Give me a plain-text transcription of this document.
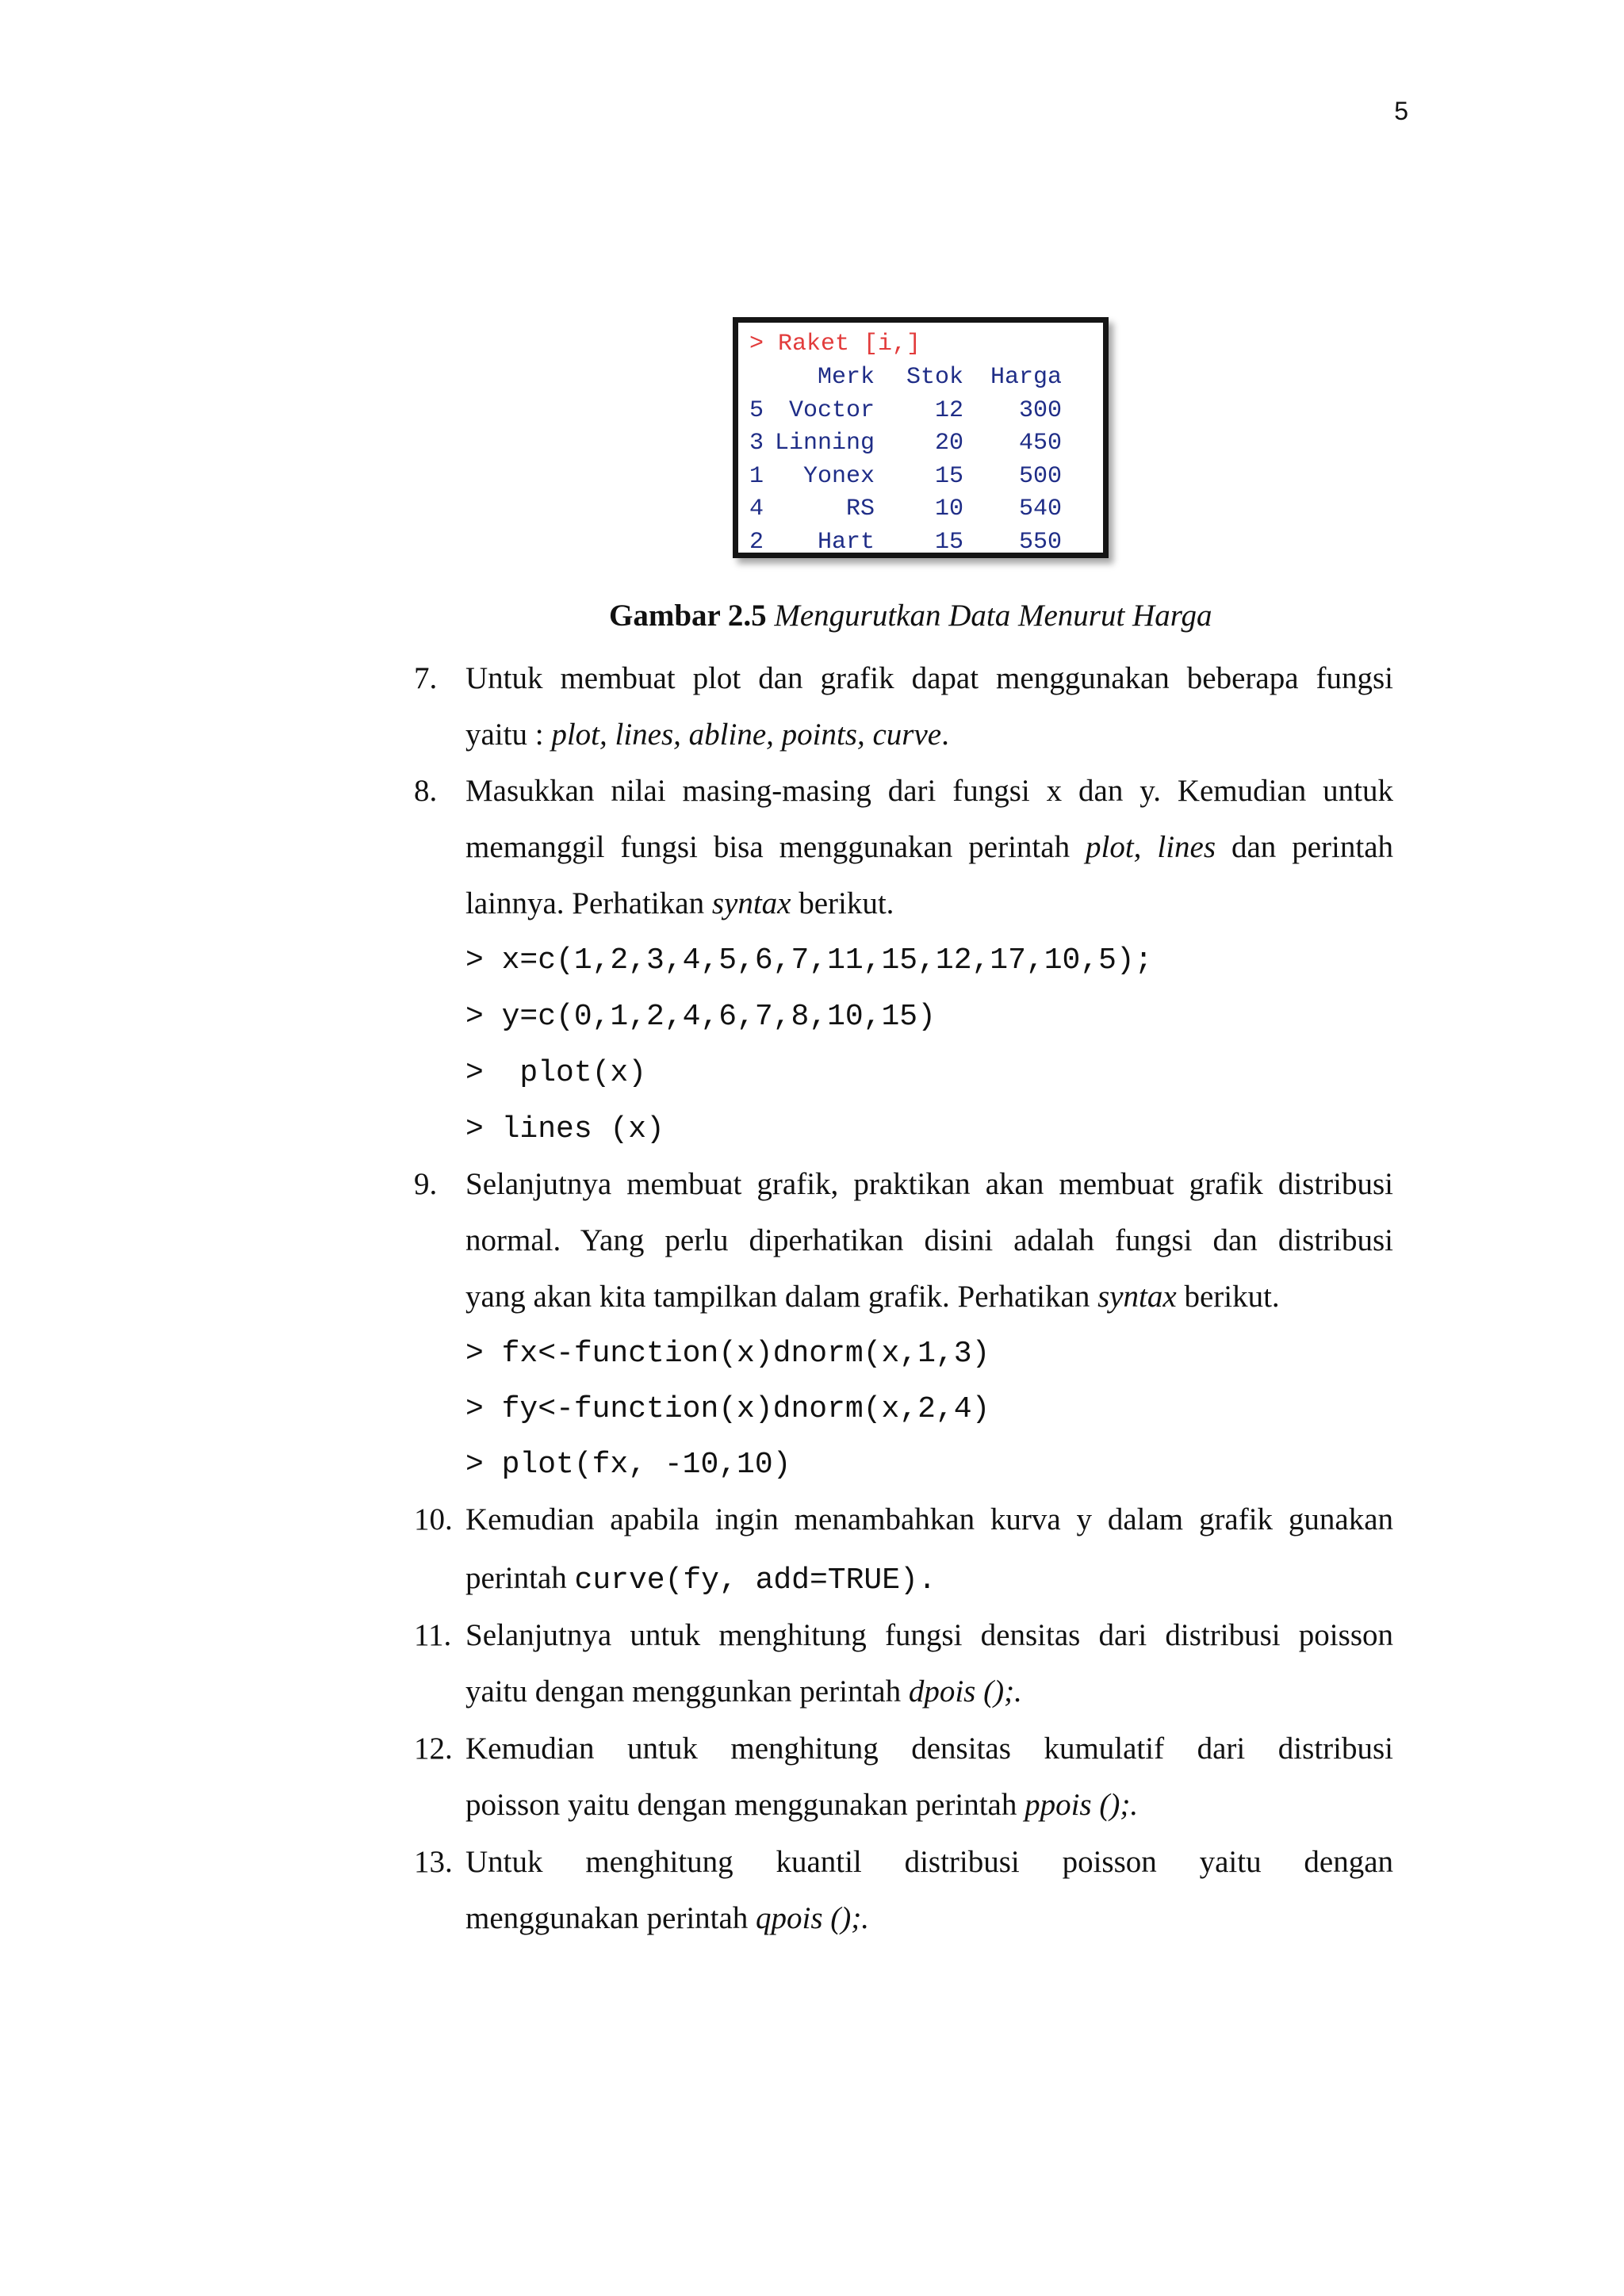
5
> Raket [i,]
Merk Stok Harga
5 Voctor	12 300
3 Linning	20 450
1 Yonex	15 500
4	RS	10 540
2 Hart	15 550
Gambar 2.5 Mengurutkan Data Menurut Harga
7. Untuk membuat plot dan grafik dapat menggunakan beberapa fungsi
yaitu : plot, lines, abline, points, curve.
8. Masukkan nilai masing-masing dari fungsi x dan y. Kemudian untuk
memanggil fungsi bisa menggunakan perintah plot, lines dan perintah
lainnya. Perhatikan syntax berikut.
> x=c(1,2,3,4,5,6,7,11,15,12,17,10,5);
> y=c(0,1,2,4,6,7,8,10,15)
>  plot(x)
> lines (x)
9. Selanjutnya membuat grafik, praktikan akan membuat grafik distribusi
normal. Yang perlu diperhatikan disini adalah fungsi dan distribusi
yang akan kita tampilkan dalam grafik. Perhatikan syntax berikut.
> fx<-function(x)dnorm(x,1,3)
> fy<-function(x)dnorm(x,2,4)
> plot(fx, -10,10)
10. Kemudian apabila ingin menambahkan kurva y dalam grafik gunakan
perintah curve(fy, add=TRUE).
11. Selanjutnya untuk menghitung fungsi densitas dari distribusi poisson
yaitu dengan menggunkan perintah dpois ();.
12. Kemudian untuk menghitung densitas kumulatif dari distribusi
poisson yaitu dengan menggunakan perintah ppois ();.
13. Untuk menghitung kuantil distribusi poisson yaitu dengan
menggunakan perintah qpois ();.
